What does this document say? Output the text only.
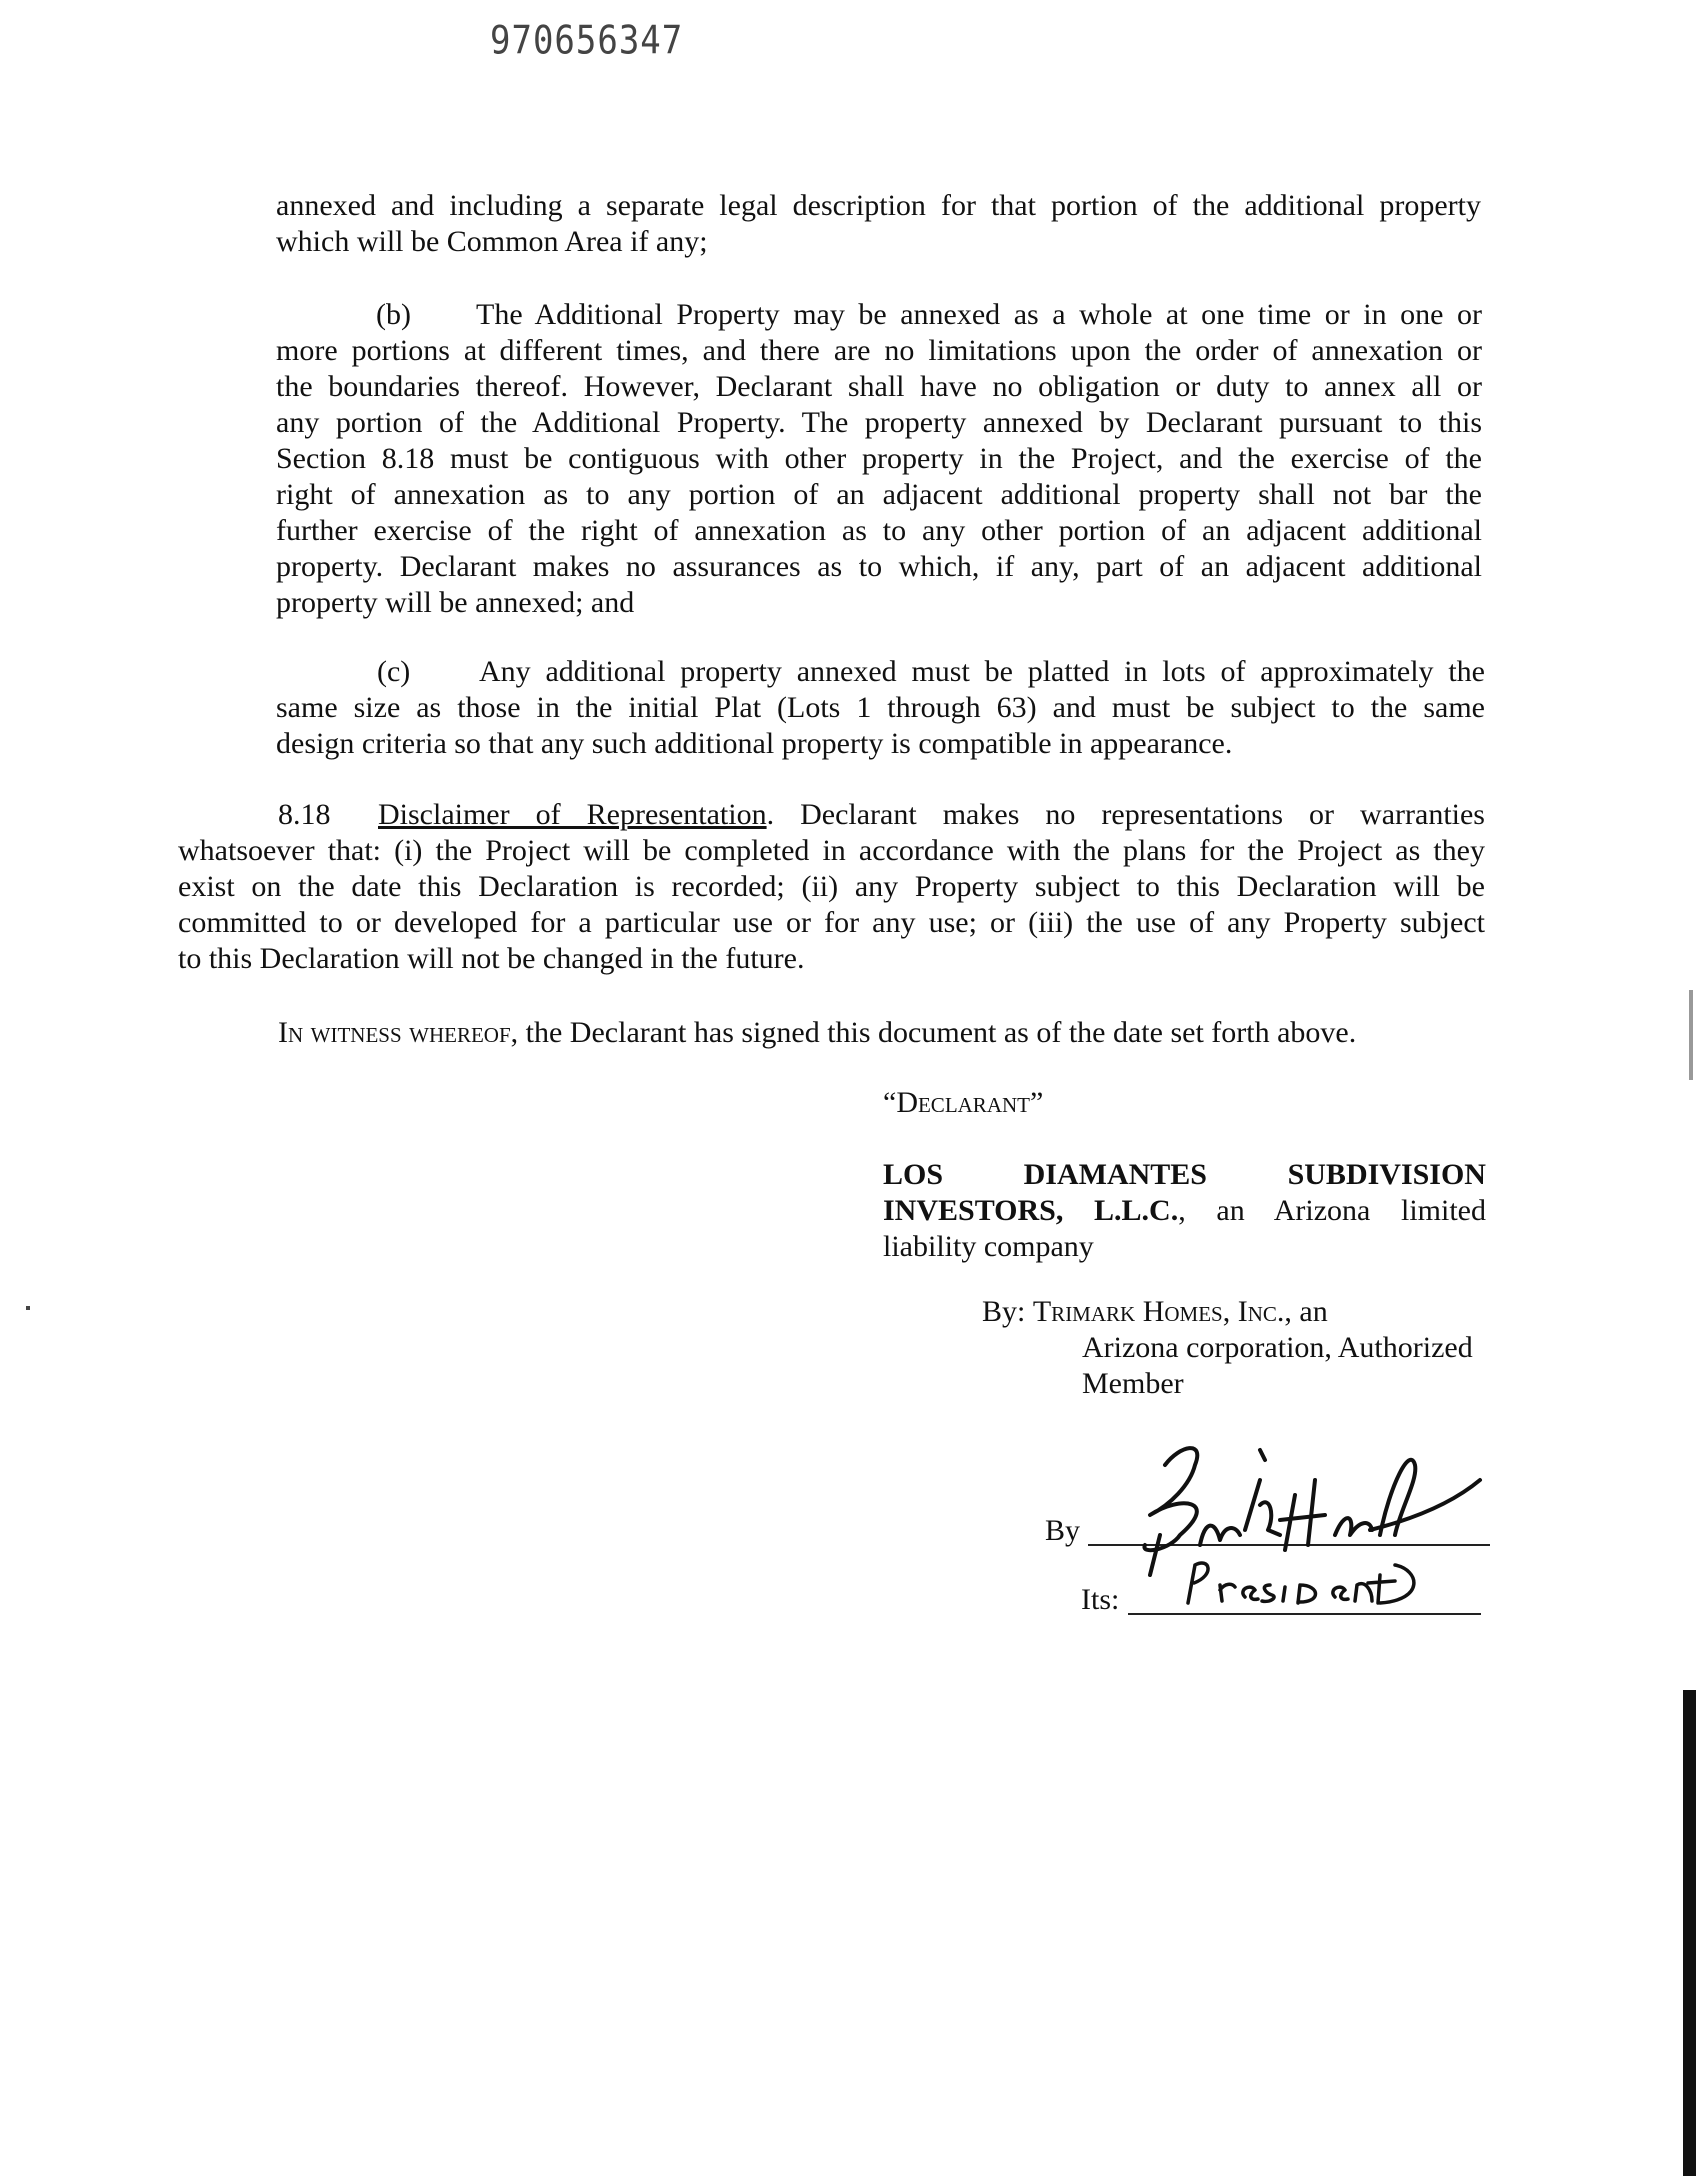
970656347
annexed and including a separate legal description for that portion of the additional property
which will be Common Area if any;
(b) The Additional Property may be annexed as a whole at one time or in one or
more portions at different times, and there are no limitations upon the order of annexation or
the boundaries thereof. However, Declarant shall have no obligation or duty to annex all or
any portion of the Additional Property. The property annexed by Declarant pursuant to this
Section 8.18 must be contiguous with other property in the Project, and the exercise of the
right of annexation as to any portion of an adjacent additional property shall not bar the
further exercise of the right of annexation as to any other portion of an adjacent additional
property. Declarant makes no assurances as to which, if any, part of an adjacent additional
property will be annexed; and
(c) Any additional property annexed must be platted in lots of approximately the
same size as those in the initial Plat (Lots 1 through 63) and must be subject to the same
design criteria so that any such additional property is compatible in appearance.
8.18 Disclaimer of Representation. Declarant makes no representations or warranties
whatsoever that: (i) the Project will be completed in accordance with the plans for the Project as they
exist on the date this Declaration is recorded; (ii) any Property subject to this Declaration will be
committed to or developed for a particular use or for any use; or (iii) the use of any Property subject
to this Declaration will not be changed in the future.
In witness whereof, the Declarant has signed this document as of the date set forth above.
“Declarant”
LOS	DIAMANTES	SUBDIVISION
INVESTORS, L.L.C., an Arizona limited
liability company
By: Trimark Homes, Inc., an
Arizona corporation, Authorized
Member
By
Its:
